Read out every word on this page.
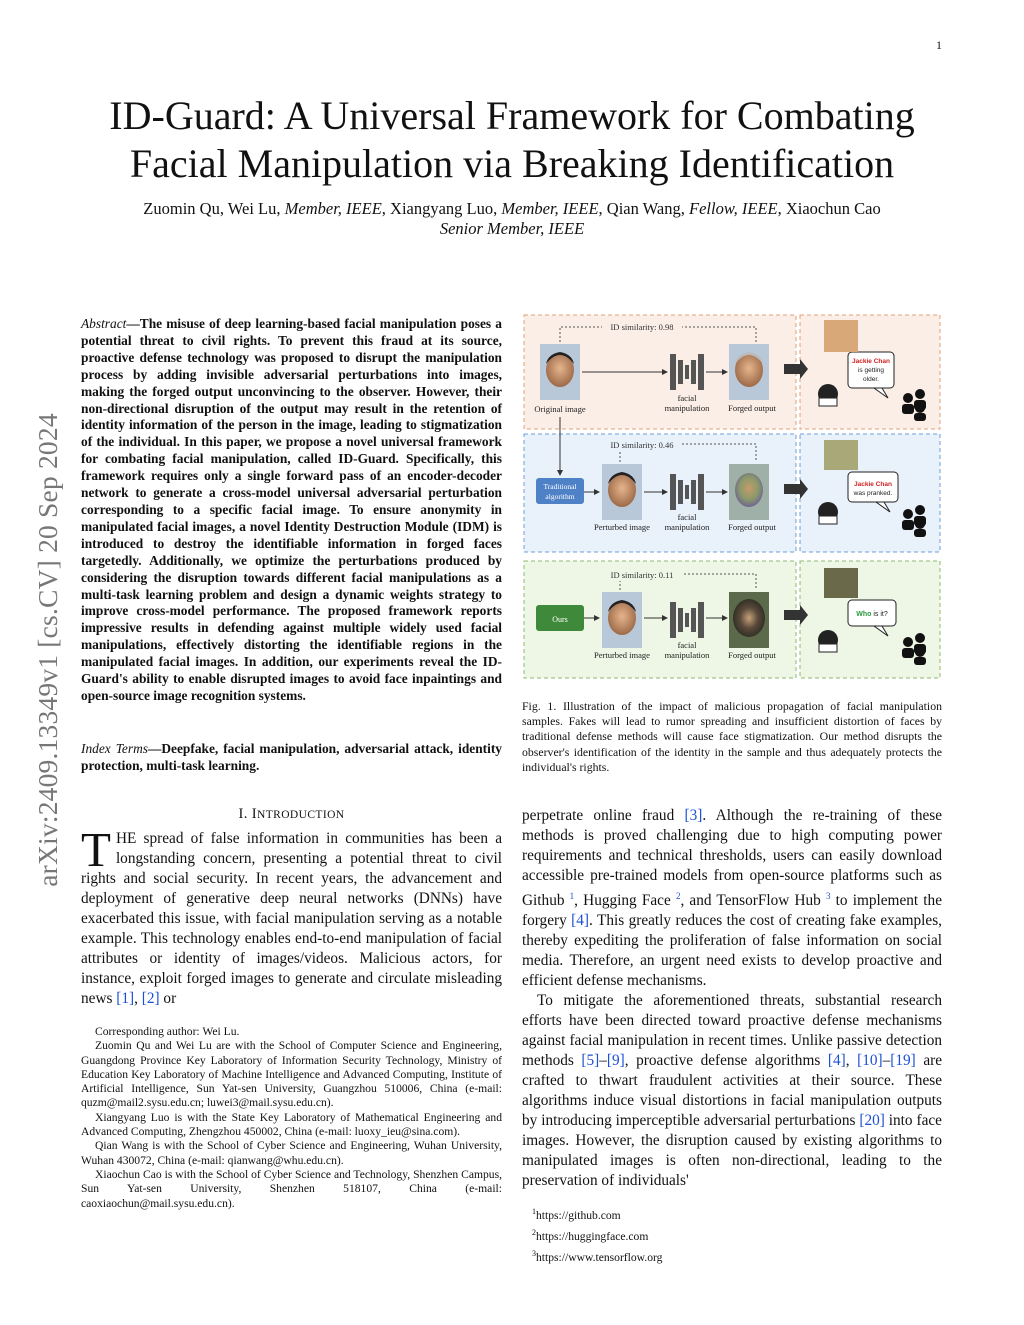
1
arXiv:2409.13349v1 [cs.CV] 20 Sep 2024
ID-Guard: A Universal Framework for Combating
Facial Manipulation via Breaking Identification
Zuomin Qu, Wei Lu, Member, IEEE, Xiangyang Luo, Member, IEEE, Qian Wang, Fellow, IEEE, Xiaochun Cao
Senior Member, IEEE
Abstract—The misuse of deep learning-based facial manipulation poses a potential threat to civil rights. To prevent this fraud at its source, proactive defense technology was proposed to disrupt the manipulation process by adding invisible adversarial perturbations into images, making the forged output unconvincing to the observer. However, their non-directional disruption of the output may result in the retention of identity information of the person in the image, leading to stigmatization of the individual. In this paper, we propose a novel universal framework for combating facial manipulation, called ID-Guard. Specifically, this framework requires only a single forward pass of an encoder-decoder network to generate a cross-model universal adversarial perturbation corresponding to a specific facial image. To ensure anonymity in manipulated facial images, a novel Identity Destruction Module (IDM) is introduced to destroy the identifiable information in forged faces targetedly. Additionally, we optimize the perturbations produced by considering the disruption towards different facial manipulations as a multi-task learning problem and design a dynamic weights strategy to improve cross-model performance. The proposed framework reports impressive results in defending against multiple widely used facial manipulations, effectively distorting the identifiable regions in the manipulated facial images. In addition, our experiments reveal the ID-Guard's ability to enable disrupted images to avoid face inpaintings and open-source image recognition systems.
Index Terms—Deepfake, facial manipulation, adversarial attack, identity protection, multi-task learning.
I. INTRODUCTION
THE spread of false information in communities has been a longstanding concern, presenting a potential threat to civil rights and social security. In recent years, the advancement and deployment of generative deep neural networks (DNNs) have exacerbated this issue, with facial manipulation serving as a notable example. This technology enables end-to-end manipulation of facial attributes or identity of images/videos. Malicious actors, for instance, exploit forged images to generate and circulate misleading news [1], [2] or

Corresponding author: Wei Lu.

Zuomin Qu and Wei Lu are with the School of Computer Science and Engineering, Guangdong Province Key Laboratory of Information Security Technology, Ministry of Education Key Laboratory of Machine Intelligence and Advanced Computing, Institute of Artificial Intelligence, Sun Yat-sen University, Guangzhou 510006, China (e-mail: quzm@mail2.sysu.edu.cn; luwei3@mail.sysu.edu.cn).

Xiangyang Luo is with the State Key Laboratory of Mathematical Engineering and Advanced Computing, Zhengzhou 450002, China (e-mail: luoxy_ieu@sina.com).

Qian Wang is with the School of Cyber Science and Engineering, Wuhan University, Wuhan 430072, China (e-mail: qianwang@whu.edu.cn).

Xiaochun Cao is with the School of Cyber Science and Technology, Shenzhen Campus, Sun Yat-sen University, Shenzhen 518107, China (e-mail: caoxiaochun@mail.sysu.edu.cn).

ID similarity: 0.98
Original image
facial
manipulation Forged output
Jackie Chan
is getting
older.
ID similarity: 0.46
Traditional
algorithm
Perturbed image
facial
manipulation Forged output
Jackie Chan
was pranked.
ID similarity: 0.11
Ours
Perturbed image
facial
manipulation Forged output
Who is it?
Fig. 1. Illustration of the impact of malicious propagation of facial manipulation samples. Fakes will lead to rumor spreading and insufficient distortion of faces by traditional defense methods will cause face stigmatization. Our method disrupts the observer's identification of the identity in the sample and thus adequately protects the individual's rights.

perpetrate online fraud [3]. Although the re-training of these methods is proved challenging due to high computing power requirements and technical thresholds, users can easily download accessible pre-trained models from open-source platforms such as Github $^1$, Hugging Face $^2$, and TensorFlow Hub $^3$ to implement the forgery [4]. This greatly reduces the cost of creating fake examples, thereby expediting the proliferation of false information on social media. Therefore, an urgent need exists to develop proactive and efficient defense mechanisms.

To mitigate the aforementioned threats, substantial research efforts have been directed toward proactive defense mechanisms against facial manipulation in recent times. Unlike passive detection methods [5]–[9], proactive defense algorithms [4], [10]–[19] are crafted to thwart fraudulent activities at their source. These algorithms induce visual distortions in facial manipulation outputs by introducing imperceptible adversarial perturbations [20] into face images. However, the disruption caused by existing algorithms to manipulated images is often non-directional, leading to the preservation of individuals'

$^1$https://github.com
$^2$https://huggingface.com
$^3$https://www.tensorflow.org
